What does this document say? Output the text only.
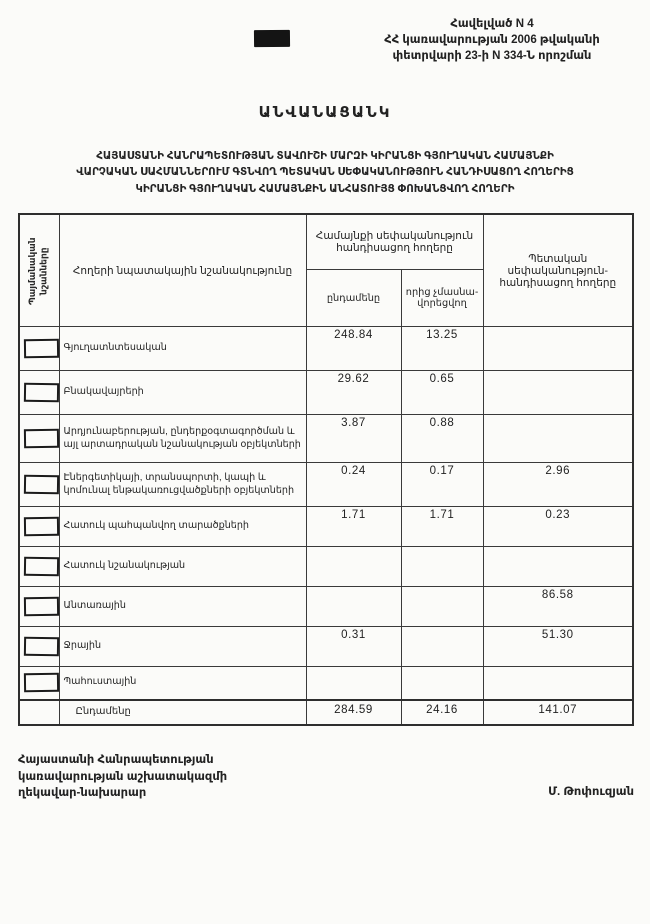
Հավելված N 4
ՀՀ կառավարության 2006 թվականի
փետրվարի 23-ի N 334-Ն որոշման
ԱՆՎԱՆԱՑԱՆԿ
ՀԱՅԱՍՏԱՆԻ ՀԱՆՐԱՊԵՏՈՒԹՅԱՆ ՏԱՎՈՒՇԻ ՄԱՐԶԻ ԿԻՐԱՆՑԻ ԳՅՈՒՂԱԿԱՆ ՀԱՄԱՅՆՔԻ
ՎԱՐՉԱԿԱՆ ՍԱՀՄԱՆՆԵՐՈՒՄ ԳՏՆՎՈՂ ՊԵՏԱԿԱՆ ՍԵՓԱԿԱՆՈՒԹՅՈՒՆ ՀԱՆԴԻՍԱՑՈՂ ՀՈՂԵՐԻՑ
ԿԻՐԱՆՑԻ ԳՅՈՒՂԱԿԱՆ ՀԱՄԱՅՆՔԻՆ ԱՆՀԱՏՈՒՅՑ ՓՈԽԱՆՑՎՈՂ ՀՈՂԵՐԻ
Պայմանական նշանները	Հողերի նպատակային նշանակությունը	Համայնքի սեփականություն հանդիսացող հողերը		Պետական սեփականություն- հանդիսացող հողերը
		ընդամենը	որից չմասնավորեցվող	

	Գյուղատնտեսական	248.84	13.25	

	Բնակավայրերի	29.62	0.65	

	Արդյունաբերության, ընդերքօգտագործման և այլ արտադրական նշանակության օբյեկտների	3.87	0.88	

	Էներգետիկայի, տրանսպորտի, կապի և կոմունալ ենթակառուցվածքների օբյեկտների	0.24	0.17	2.96

	Հատուկ պահպանվող տարածքների	1.71	1.71	0.23

	Հատուկ նշանակության			

	Անտառային			86.58

	Ջրային	0.31		51.30

	Պահուստային			
	Ընդամենը	284.59	24.16	141.07
Հայաստանի Հանրապետության
կառավարության աշխատակազմի
ղեկավար-նախարար	Մ. Թոփուզյան
